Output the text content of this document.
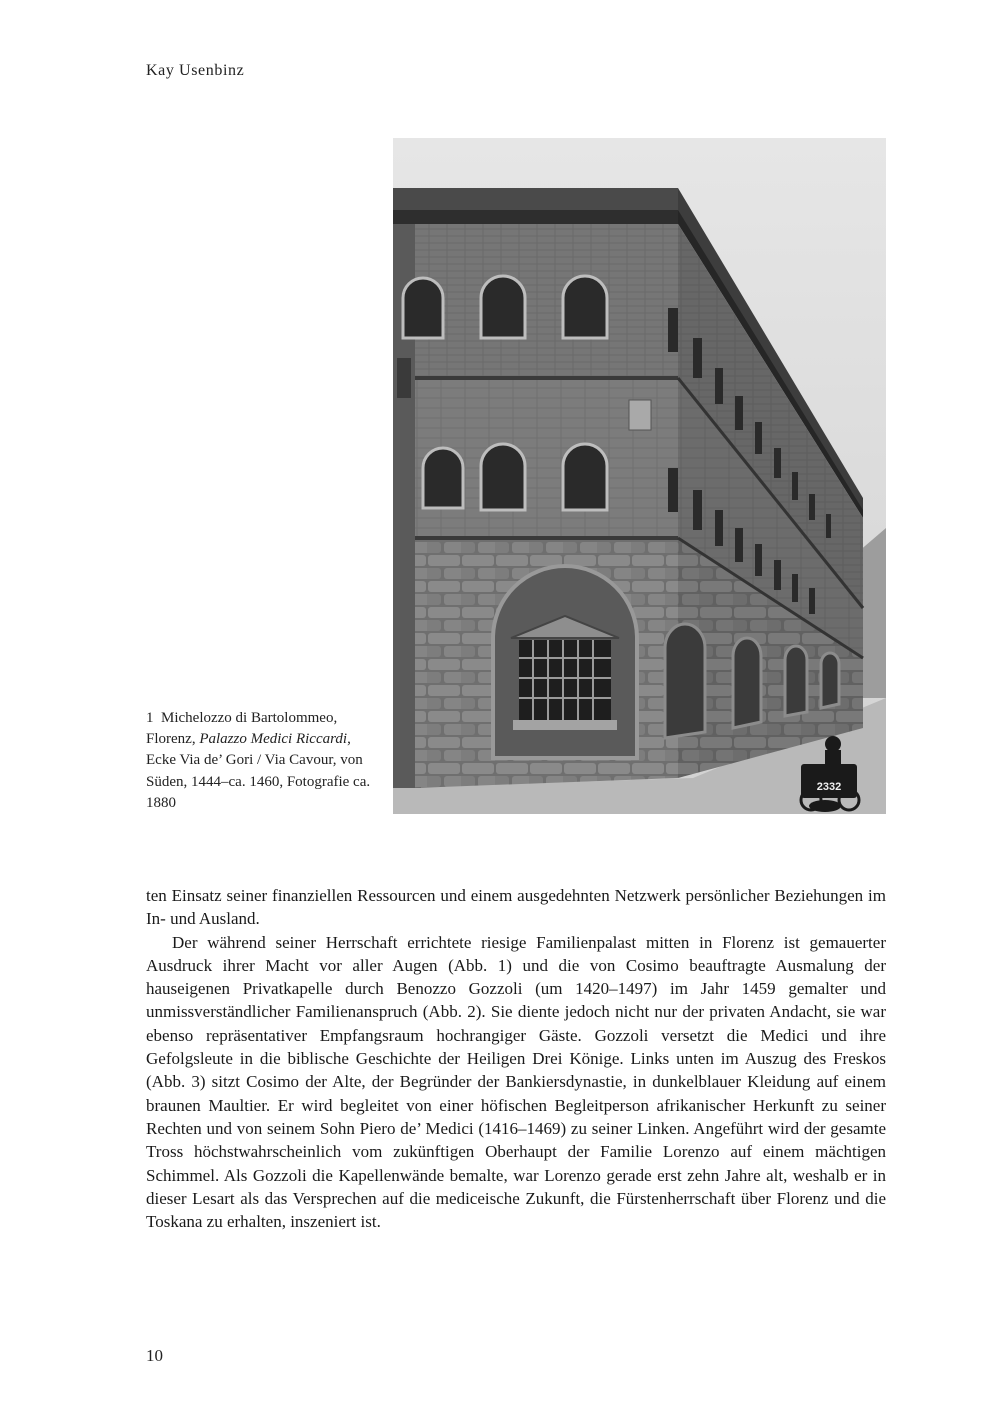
Kay Usenbinz
2332
1 Michelozzo di Bartolommeo, Florenz, Palazzo Medici Riccardi, Ecke Via de’ Gori / Via Cavour, von Süden, 1444–ca. 1460, Fotografie ca. 1880

ten Einsatz seiner finanziellen Ressourcen und einem ausgedehnten Netzwerk persönlicher Beziehungen im In- und Ausland.

Der während seiner Herrschaft errichtete riesige Familienpalast mitten in Florenz ist gemauerter Ausdruck ihrer Macht vor aller Augen (Abb. 1) und die von Cosimo beauftragte Ausmalung der hauseigenen Privatkapelle durch Benozzo Gozzoli (um 1420–1497) im Jahr 1459 gemalter und unmissverständlicher Familienanspruch (Abb. 2). Sie diente jedoch nicht nur der privaten Andacht, sie war ebenso repräsentativer Empfangsraum hochrangiger Gäste. Gozzoli versetzt die Medici und ihre Gefolgsleute in die biblische Geschichte der Heiligen Drei Könige. Links unten im Auszug des Freskos (Abb. 3) sitzt Cosimo der Alte, der Begründer der Bankiersdynastie, in dunkelblauer Kleidung auf einem braunen Maultier. Er wird begleitet von einer höfischen Begleitperson afrikanischer Herkunft zu seiner Rechten und von seinem Sohn Piero de’ Medici (1416–1469) zu seiner Linken. Angeführt wird der gesamte Tross höchstwahrscheinlich vom zukünftigen Oberhaupt der Familie Lorenzo auf einem mächtigen Schimmel. Als Gozzoli die Kapellenwände bemalte, war Lorenzo gerade erst zehn Jahre alt, weshalb er in dieser Lesart als das Versprechen auf die mediceische Zukunft, die Fürstenherrschaft über Florenz und die Toskana zu erhalten, inszeniert ist.

10
